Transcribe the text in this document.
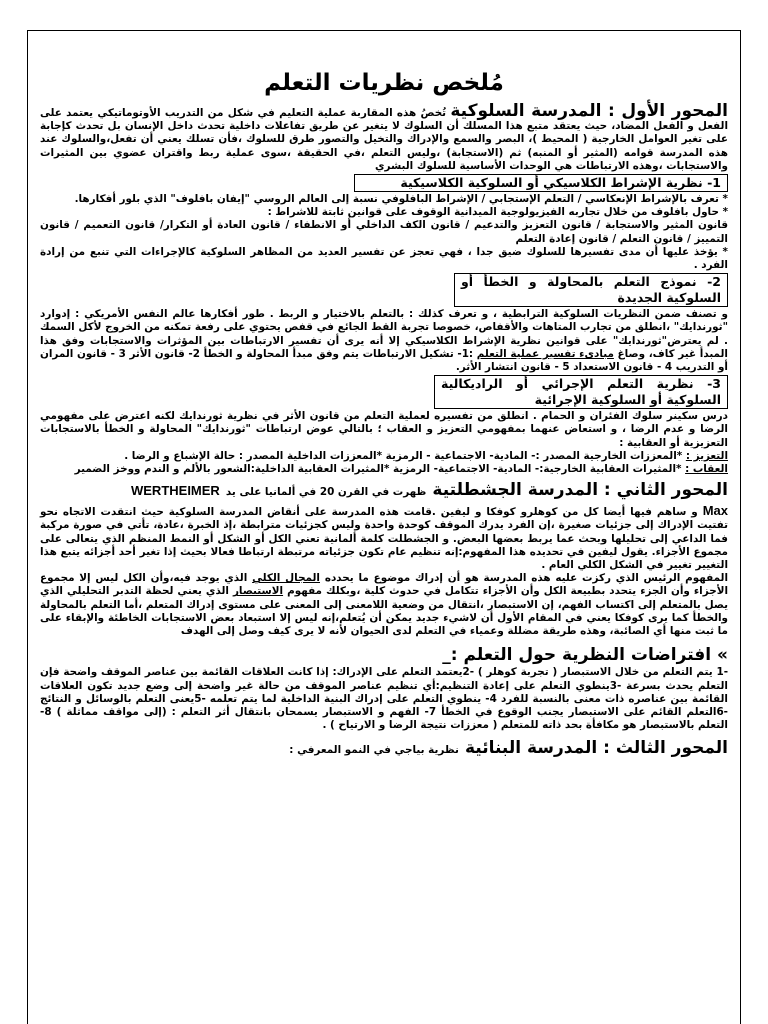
مُلخص نظريات التعلم

المحور الأول : المدرسة السلوكية تُخصُ هذه المقاربة عملية التعليم في شكل من التدريب الأوتوماتيكي يعتمد على الفعل و الفعل المضاد، حيث يعتقد متبع هذا المسلك أن السلوك لا يتغير عن طريق تفاعلات داخلية تحدث داخل الإنسان بل تحدث كإجابة على تغير العوامل الخارجية ( المحيط )، البصر والسمع والإدراك والتخيل والتصور طرق للسلوك ،فأن تسلك يعني أن تفعل،والسلوك عند هذه المدرسة قوامه (المثير أو المنبه) ثم (الاستجابة) ،وليس التعلم ،في الحقيقة ،سوى عملية ربط واقتران عضوي بين المثيرات والاستجابات ،وهذه الارتباطات هي الوحدات الأساسية للسلوك البشري

1- نظرية الإشراط الكلاسيكي أو السلوكية الكلاسيكية

* تعرف بالإشراط الإنعكاسي / التعلم الإستجابي / الإشراط البافلوفي نسبة إلى العالم الروسي "إيفان بافلوف" الذي بلور أفكارها.

* حاول بافلوف من خلال تجاربه الفيزيولوجية الميدانية الوقوف على قوانين ثابتة للاشراط :

قانون المثير والاستجابة / قانون التعزيز والتدعيم / قانون الكف الداخلي أو الانطفاء / قانون العادة أو التكرار/ قانون التعميم / قانون التمييز / قانون التعلم / قانون إعادة التعلم

* يؤخذ عليها أن مدى تفسيرها للسلوك ضيق جدا ، فهي تعجز عن تفسير العديد من المظاهر السلوكية كالإجراءات التي تنبع من إرادة الفرد .

2- نموذج التعلم بالمحاولة و الخطأ أو السلوكية الجديدة

و تصنف ضمن النظريات السلوكية الترابطية ، و تعرف كذلك : بالتعلم بالاختيار و الربط . طور أفكارها عالم النفس الأمريكي : إدوارد "ثورندايك" ،انطلق من تجارب المتاهات والأقفاص، خصوصا تجربة القط الجائع في قفص يحتوي على رفعة تمكنه من الخروج لأكل السمك . لم يعترض"ثورندايك" على قوانين نظرية الإشراط الكلاسيكي إلا أنه يرى أن تفسير الارتباطات بين المؤثرات والاستجابات وفق هذا المبدأ غير كاف، وصاغ مبادىء تفسير عملية التعلم :1- تشكيل الارتباطات يتم وفق مبدأ المحاولة و الخطأ 2- قانون الأثر 3 - قانون المران أو التدريب 4 - قانون الاستعداد 5 - قانون انتشار الأثر.

3- نظرية التعلم الإجرائي أو الراديكالية السلوكية أو السلوكية الإجرائية

درس سكينر سلوك الفئران و الحمام . انطلق من تفسيره لعملية التعلم من قانون الأثر في نظرية ثورندايك لكنه اعترض على مفهومي الرضا و عدم الرضا ، و استعاض عنهما بمفهومي التعزيز و العقاب ؛ بالتالي عوض ارتباطات "ثورندايك" المحاولة و الخطأ بالاستجابات التعزيزية أو العقابية :

التعزيز : *المعززات الخارجية المصدر :- المادية- الاجتماعية - الرمزية *المعززات الداخلية المصدر : حالة الإشباع و الرضا .

العقاب : *المثيرات العقابية الخارجية:- المادية- الاجتماعية- الرمزية *المثيرات العقابية الداخلية:الشعور بالألم و الندم ووخز الضمير

المحور الثاني : المدرسة الجشطلتية ظهرت في القرن 20 في ألمانيا على يد WERTHEIMER

Max و ساهم فيها أيضا كل من كوهلرو كوفكا و ليفين .قامت هذه المدرسة على أنقاض المدرسة السلوكية حيث انتقدت الاتجاه نحو تفتيت الإدراك إلى جزئيات صغيرة ،إن الفرد يدرك الموقف كوحدة واحدة وليس كجزئيات مترابطة ،إذ الخبرة ،عادة، تأتي في صورة مركبة فما الداعي إلى تحليلها وبحث عما يربط بعضها البعض. و الجشطلت كلمة ألمانية تعني الكل أو الشكل أو النمط المنظم الذي يتعالى على مجموع الأجزاء. يقول ليفين في تحديده هذا المفهوم:إنه تنظيم عام تكون جزئياته مرتبطة ارتباطا فعالا بحيث إذا تغير أحد أجزائه يتبع هذا التغيير تغيير في الشكل الكلي العام .

المفهوم الرئيس الذي ركزت عليه هذه المدرسة هو أن إدراك موضوع ما يحدده المجال الكلي الذي يوجد فيه،وأن الكل ليس إلا مجموع الأجزاء وأن الجزء يتحدد بطبيعة الكل وأن الأجزاء تتكامل في حدوث كلية ،وبكلك مفهوم الاستبصار الذي يعني لحظة التدبر التحليلي الذي يصل بالمتعلم إلى اكتساب الفهم، إن الاستبصار ،انتقال من وضعية اللامعنى إلى المعنى على مستوى إدراك المتعلم ،أما التعلم بالمحاولة والخطأ كما يرى كوفكا يعني في المقام الأول أن لاشيء جديد يمكن أن يُتعلم،إنه ليس إلا استبعاد بعض الاستجابات الخاطئة والإبقاء على ما ثبت منها أي الصائبة، وهذه طريقة مضللة وعمياء في التعلم لدى الحيوان لأنه لا يرى كيف وصل إلى الهدف

» افتراضات النظرية حول التعلم :_

-1 يتم التعلم من خلال الاستبصار ( تجربة كوهلر ) -2يعتمد التعلم على الإدراك: إذا كانت العلاقات القائمة بين عناصر الموقف واضحة فإن التعلم يحدث بسرعة -3ينطوي التعلم على إعادة التنظيم:أي تنظيم عناصر الموقف من حالة غير واضحة إلى وضع جديد تكون العلاقات القائمة بين عناصره ذات معنى بالنسبة للفرد 4- ينطوي التعلم على إدراك البنية الداخلية لما يتم تعلمه -5يعنى التعلم بالوسائل و النتائج -6التعلم القائم على الاستبصار يجنب الوقوع في الخطأ 7- الفهم و الاستبصار يسمحان بانتقال أثر التعلم : (إلى مواقف مماثلة ) 8- التعلم بالاستبصار هو مكافأة بحد ذاته للمتعلم ( معززات نتيجة الرضا و الارتياح ) .

المحور الثالث : المدرسة البنائية نظرية بياجي في النمو المعرفي :
